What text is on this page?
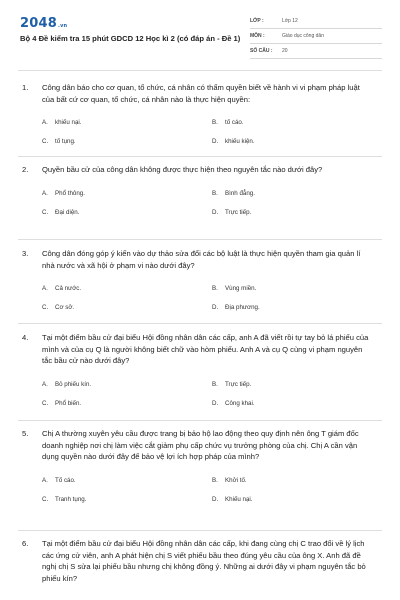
2048.vn
Bộ 4 Đề kiểm tra 15 phút GDCD 12 Học kì 2 (có đáp án - Đề 1)
LỚP :	Lớp 12
MÔN :	Giáo dục công dân
SỐ CÂU :	20
1.	Công dân báo cho cơ quan, tổ chức, cá nhân có thẩm quyền biết về hành vi vi phạm pháp luật của bất cứ cơ quan, tổ chức, cá nhân nào là thực hiện quyền:
A.	khiếu nại.	B.	tố cáo.
C.	tố tụng.	D.	khiếu kiện.
2.	Quyền bầu cử của công dân không được thực hiện theo nguyên tắc nào dưới đây?
A.	Phổ thông.	B.	Bình đẳng.
C.	Đại diện.	D.	Trực tiếp.
3.	Công dân đóng góp ý kiến vào dự thảo sửa đổi các bộ luật là thực hiện quyền tham gia quản lí nhà nước và xã hội ở phạm vi nào dưới đây?
A.	Cả nước.	B.	Vùng miền.
C.	Cơ sở.	D.	Địa phương.
4.	Tại một điểm bầu cử đại biểu Hội đồng nhân dân các cấp, anh A đã viết rồi tự tay bỏ lá phiếu của mình và của cụ Q là người không biết chữ vào hòm phiếu. Anh A và cụ Q cùng vi phạm nguyên tắc bầu cử nào dưới đây?
A.	Bỏ phiếu kín.	B.	Trực tiếp.
C.	Phổ biến.	D.	Công khai.
5.	Chị A thường xuyên yêu cầu được trang bị bảo hộ lao động theo quy định nên ông T giám đốc doanh nghiệp nơi chị làm việc cắt giảm phụ cấp chức vụ trưởng phòng của chị. Chị A cần vận dụng quyền nào dưới đây để bảo vệ lợi ích hợp pháp của mình?
A.	Tố cáo.	B.	Khởi tố.
C.	Tranh tụng.	D.	Khiếu nại.
6.	Tại một điểm bầu cử đại biểu Hội đồng nhân dân các cấp, khi đang cùng chị C trao đổi về lý lịch các ứng cử viên, anh A phát hiện chị S viết phiếu bầu theo đúng yêu cầu của ông X. Anh đã đề nghị chị S sửa lại phiếu bầu nhưng chị không đồng ý. Những ai dưới đây vi phạm nguyên tắc bỏ phiếu kín?
